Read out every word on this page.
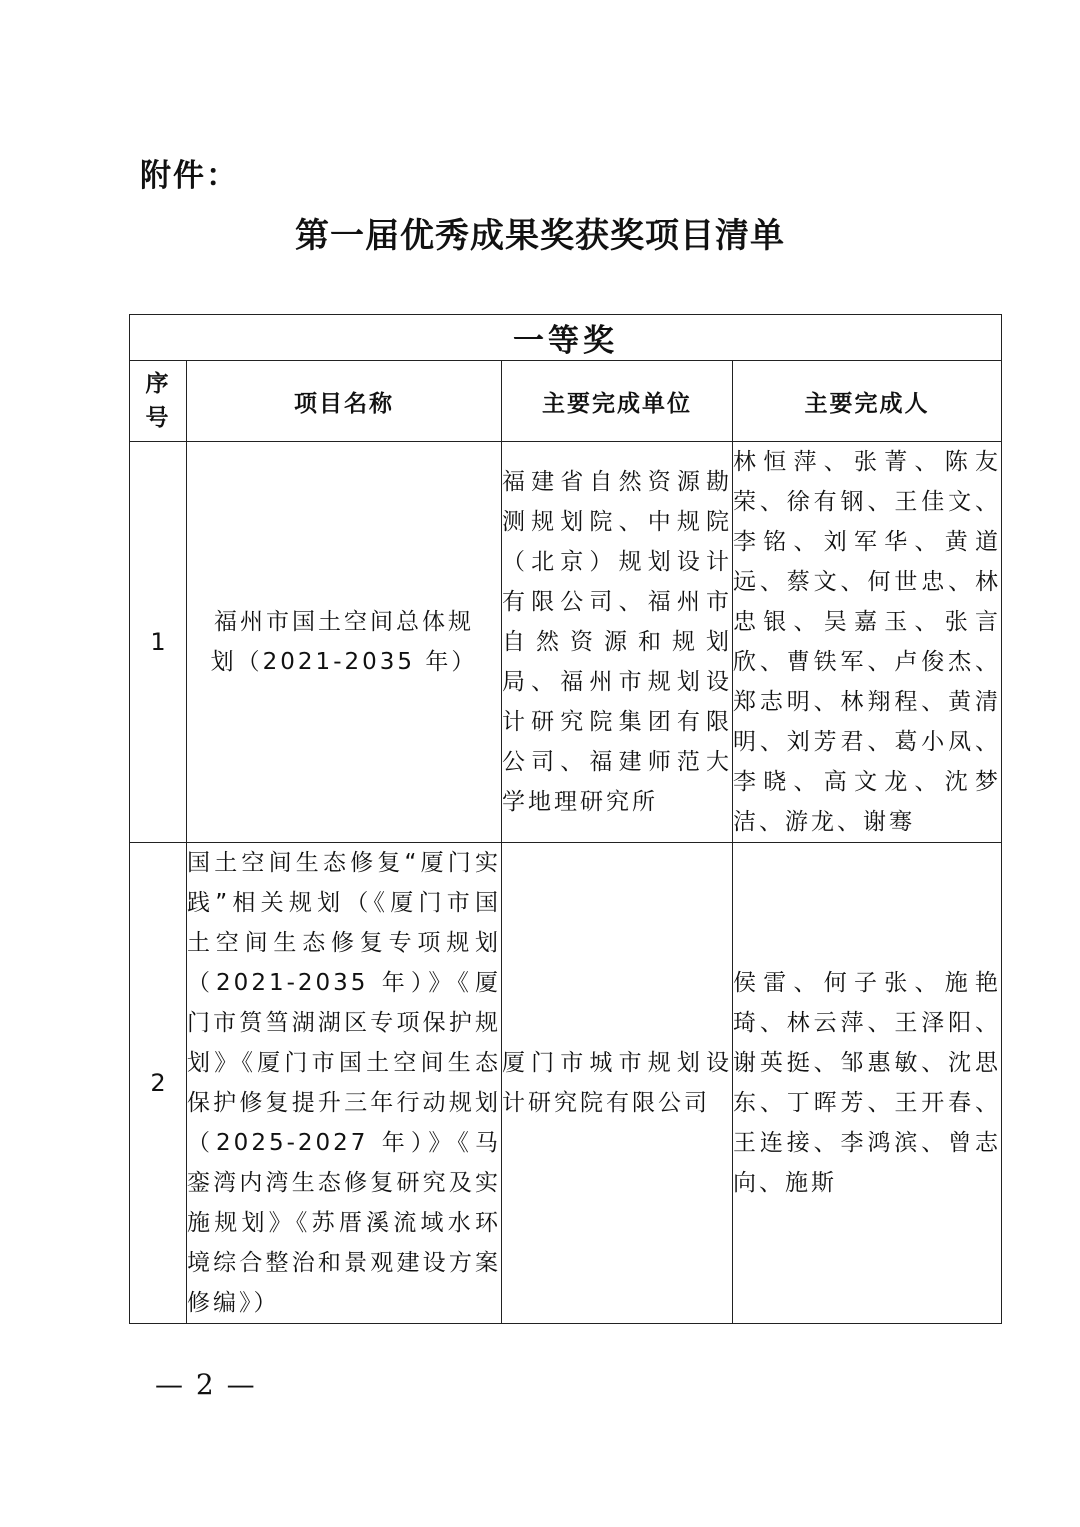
附件：
第一届优秀成果奖获奖项目清单
一等奖			

序号	项目名称	主要完成单位	主要完成人
1	福州市国土空间总体规划（2021-2035 年）	福建省自然资源勘测规划院、中规院（北京）规划设计有限公司、福州市自然资源和规划局、福州市规划设计研究院集团有限公司、福建师范大学地理研究所	林恒萍、张菁、陈友荣、徐有钢、王佳文、李铭、刘军华、黄道远、蔡文、何世忠、林忠银、吴嘉玉、张言欣、曹铁军、卢俊杰、郑志明、林翔程、黄清明、刘芳君、葛小凤、李晓、高文龙、沈梦洁、游龙、谢骞
2	国土空间生态修复“厦门实践”相关规划（《厦门市国土空间生态修复专项规划（2021-2035 年）》《厦门市筼筜湖湖区专项保护规划》《厦门市国土空间生态保护修复提升三年行动规划（2025-2027 年）》《马銮湾内湾生态修复研究及实施规划》《苏厝溪流域水环境综合整治和景观建设方案修编》）	厦门市城市规划设计研究院有限公司	侯雷、何子张、施艳琦、林云萍、王泽阳、谢英挺、邹惠敏、沈思东、丁晖芳、王开春、王连接、李鸿滨、曾志向、施斯
— 2 —
